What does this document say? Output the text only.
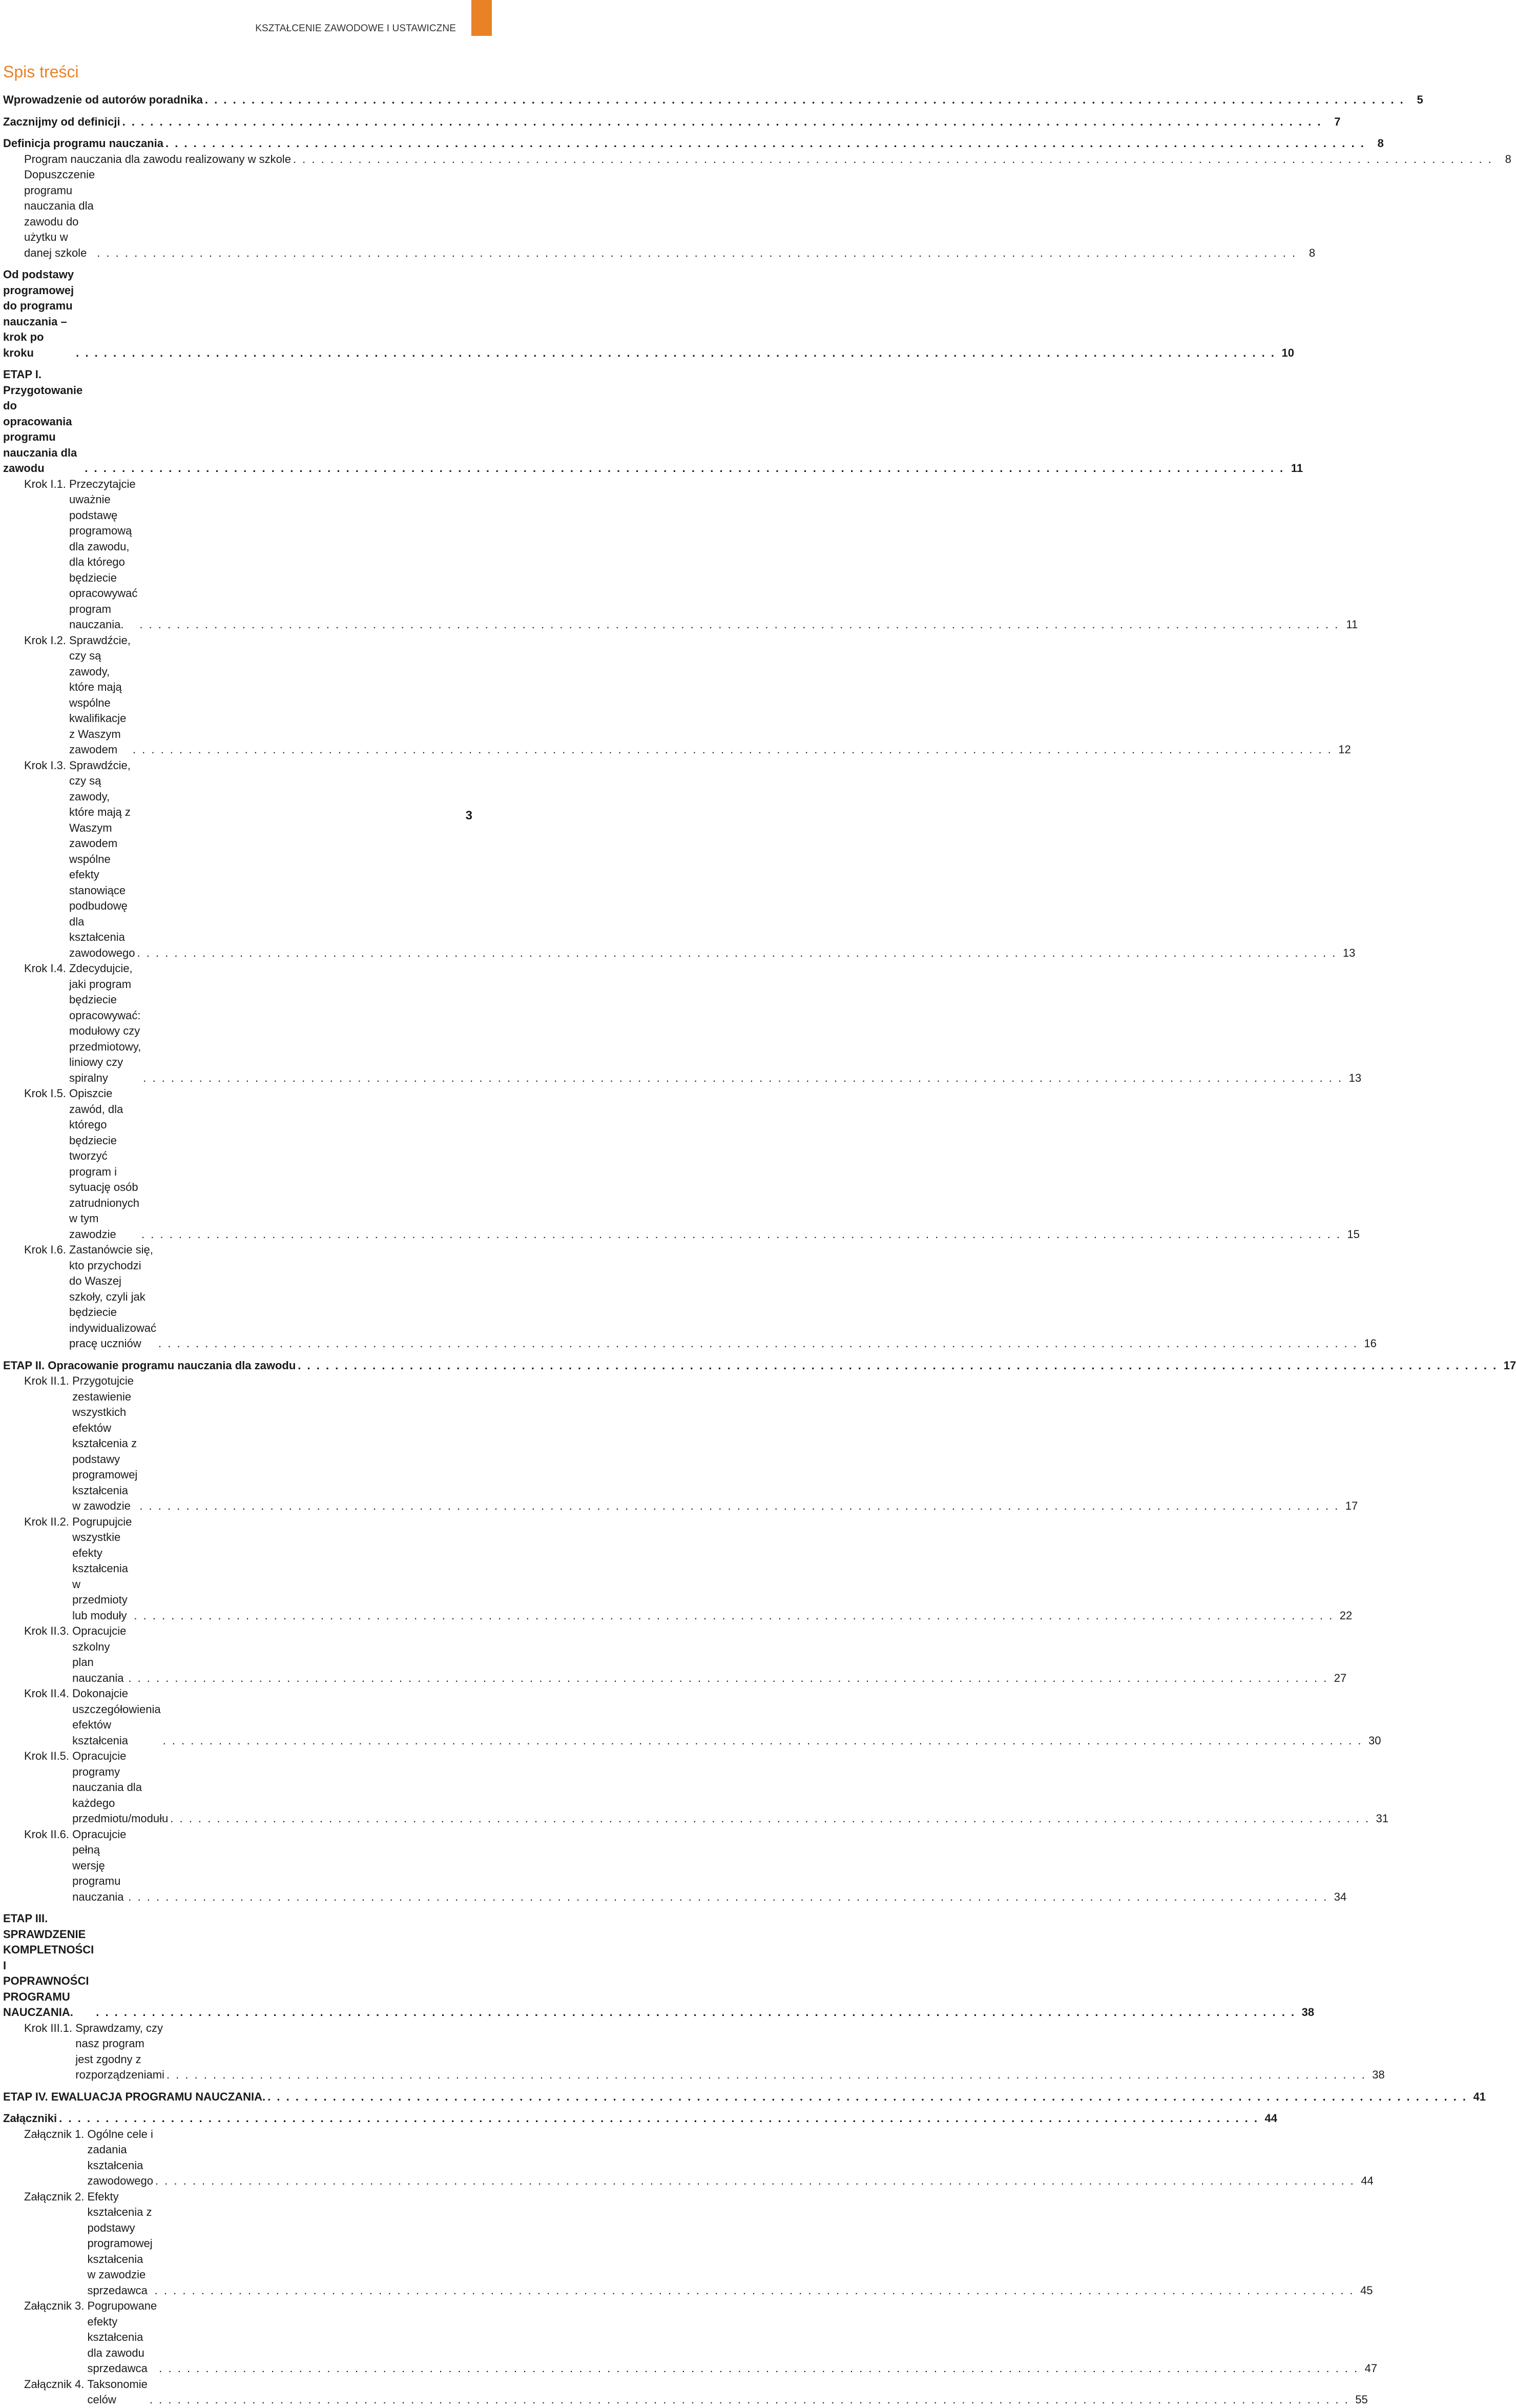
KSZTAŁCENIE ZAWODOWE I USTAWICZNE
Spis treści
Wprowadzenie od autorów poradnika . . .	5
Zacznijmy od definicji . . .	7
Definicja programu nauczania . . .	8
Program nauczania dla zawodu realizowany w szkole . . .	8
Dopuszczenie programu nauczania dla zawodu do użytku w danej szkole . . .	8
Od podstawy programowej do programu nauczania – krok po kroku . . .	10
ETAP I. Przygotowanie do opracowania programu nauczania dla zawodu . . .	11
Krok I.1. Przeczytajcie uważnie podstawę programową dla zawodu, dla którego będziecie opracowywać program nauczania. . . .	11
Krok I.2. Sprawdźcie, czy są zawody, które mają wspólne kwalifikacje z Waszym zawodem . . .	12
Krok I.3. Sprawdźcie, czy są zawody, które mają z Waszym zawodem wspólne efekty stanowiące podbudowę dla kształcenia zawodowego . . .	13
Krok I.4. Zdecydujcie, jaki program będziecie opracowywać: modułowy czy przedmiotowy, liniowy czy spiralny . . .	13
Krok I.5. Opiszcie zawód, dla którego będziecie tworzyć program i sytuację osób zatrudnionych w tym zawodzie . . .	15
Krok I.6. Zastanówcie się, kto przychodzi do Waszej szkoły, czyli jak będziecie indywidualizować pracę uczniów . . .	16
ETAP II. Opracowanie programu nauczania dla zawodu . . .	17
Krok II.1. Przygotujcie zestawienie wszystkich efektów kształcenia z podstawy programowej kształcenia w zawodzie . . .	17
Krok II.2. Pogrupujcie wszystkie efekty kształcenia w przedmioty lub moduły . . .	22
Krok II.3. Opracujcie szkolny plan nauczania . . .	27
Krok II.4. Dokonajcie uszczegółowienia efektów kształcenia . . .	30
Krok II.5. Opracujcie programy nauczania dla każdego przedmiotu/modułu . . .	31
Krok II.6. Opracujcie pełną wersję programu nauczania . . .	34
ETAP III. SPRAWDZENIE KOMPLETNOŚCI I POPRAWNOŚCI PROGRAMU NAUCZANIA. . . .	38
Krok III.1. Sprawdzamy, czy nasz program jest zgodny z rozporządzeniami . . .	38
ETAP IV. EWALUACJA PROGRAMU NAUCZANIA. . . .	41
Załączniki . . .	44
Załącznik 1. Ogólne cele i zadania kształcenia zawodowego . . .	44
Załącznik 2. Efekty kształcenia z podstawy programowej kształcenia w zawodzie sprzedawca . . .	45
Załącznik 3. Pogrupowane efekty kształcenia dla zawodu sprzedawca . . .	47
Załącznik 4. Taksonomie celów . . .	55
3
